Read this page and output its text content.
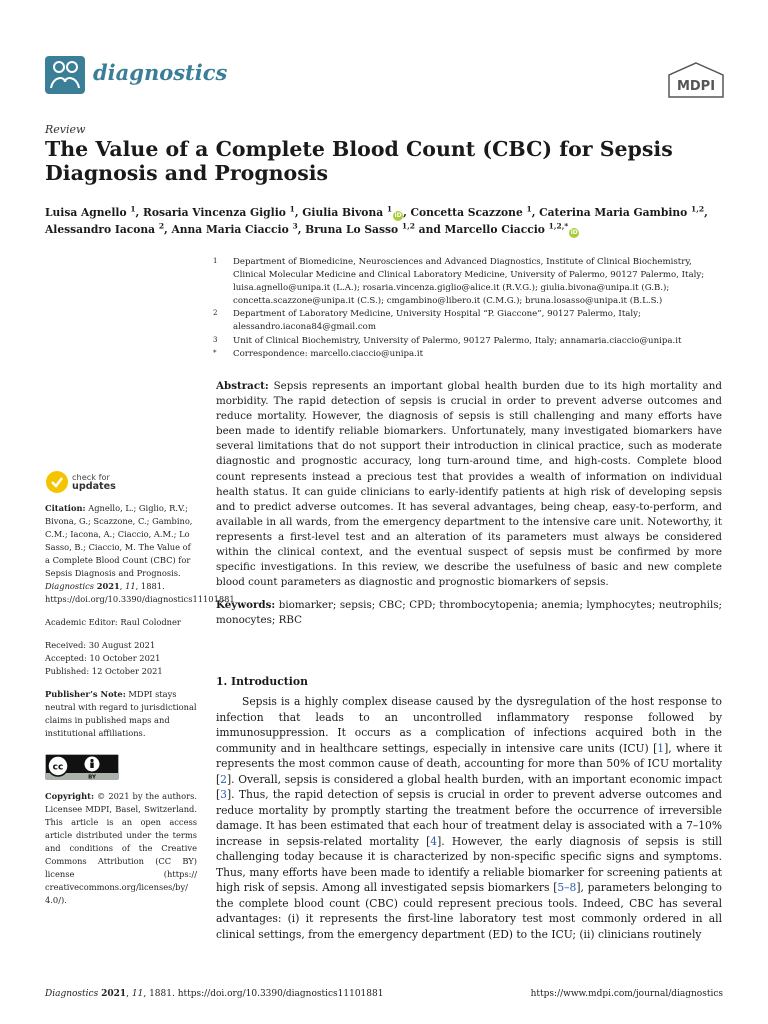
diagnostics
MDPI
Review
The Value of a Complete Blood Count (CBC) for Sepsis Diagnosis and Prognosis
Luisa Agnello $^1$, Rosaria Vincenza Giglio $^1$, Giulia Bivona $^1$iD, Concetta Scazzone $^1$, Caterina Maria Gambino $^{1,2}$,
Alessandro Iacona $^2$, Anna Maria Ciaccio $^3$, Bruna Lo Sasso $^{1,2}$ and Marcello Ciaccio $^{1,2,*}$iD
1 Department of Biomedicine, Neurosciences and Advanced Diagnostics, Institute of Clinical Biochemistry, Clinical Molecular Medicine and Clinical Laboratory Medicine, University of Palermo, 90127 Palermo, Italy; luisa.agnello@unipa.it (L.A.); rosaria.vincenza.giglio@alice.it (R.V.G.); giulia.bivona@unipa.it (G.B.); concetta.scazzone@unipa.it (C.S.); cmgambino@libero.it (C.M.G.); bruna.losasso@unipa.it (B.L.S.)
2 Department of Laboratory Medicine, University Hospital “P. Giaccone”, 90127 Palermo, Italy; alessandro.iacona84@gmail.com
3 Unit of Clinical Biochemistry, University of Palermo, 90127 Palermo, Italy; annamaria.ciaccio@unipa.it
* Correspondence: marcello.ciaccio@unipa.it
Abstract: Sepsis represents an important global health burden due to its high mortality and morbidity. The rapid detection of sepsis is crucial in order to prevent adverse outcomes and reduce mortality. However, the diagnosis of sepsis is still challenging and many efforts have been made to identify reliable biomarkers. Unfortunately, many investigated biomarkers have several limitations that do not support their introduction in clinical practice, such as moderate diagnostic and prognostic accuracy, long turn-around time, and high-costs. Complete blood count represents instead a precious test that provides a wealth of information on individual health status. It can guide clinicians to early-identify patients at high risk of developing sepsis and to predict adverse outcomes. It has several advantages, being cheap, easy-to-perform, and available in all wards, from the emergency department to the intensive care unit. Noteworthy, it represents a first-level test and an alteration of its parameters must always be considered within the clinical context, and the eventual suspect of sepsis must be confirmed by more specific investigations. In this review, we describe the usefulness of basic and new complete blood count parameters as diagnostic and prognostic biomarkers of sepsis.
Keywords: biomarker; sepsis; CBC; CPD; thrombocytopenia; anemia; lymphocytes; neutrophils; monocytes; RBC
check for
updates
Citation: Agnello, L.; Giglio, R.V.; Bivona, G.; Scazzone, C.; Gambino, C.M.; Iacona, A.; Ciaccio, A.M.; Lo Sasso, B.; Ciaccio, M. The Value of a Complete Blood Count (CBC) for Sepsis Diagnosis and Prognosis. Diagnostics 2021, 11, 1881. https://doi.org/10.3390/diagnostics11101881
Academic Editor: Raul Colodner
Received: 30 August 2021
Accepted: 10 October 2021
Published: 12 October 2021
Publisher’s Note: MDPI stays neutral with regard to jurisdictional claims in published maps and institutional affiliations.
cc
BY
Copyright: © 2021 by the authors. Licensee MDPI, Basel, Switzerland. This article is an open access article distributed under the terms and conditions of the Creative Commons Attribution (CC BY) license (https:// creativecommons.org/licenses/by/ 4.0/).
1. Introduction

Sepsis is a highly complex disease caused by the dysregulation of the host response to infection that leads to an uncontrolled inflammatory response followed by immunosuppression. It occurs as a complication of infections acquired both in the community and in healthcare settings, especially in intensive care units (ICU) [1], where it represents the most common cause of death, accounting for more than 50% of ICU mortality [2]. Overall, sepsis is considered a global health burden, with an important economic impact [3]. Thus, the rapid detection of sepsis is crucial in order to prevent adverse outcomes and reduce mortality by promptly starting the treatment before the occurrence of irreversible damage. It has been estimated that each hour of treatment delay is associated with a 7–10% increase in sepsis-related mortality [4]. However, the early diagnosis of sepsis is still challenging today because it is characterized by non-specific specific signs and symptoms. Thus, many efforts have been made to identify a reliable biomarker for screening patients at high risk of sepsis. Among all investigated sepsis biomarkers [5–8], parameters belonging to the complete blood count (CBC) could represent precious tools. Indeed, CBC has several advantages: (i) it represents the first-line laboratory test most commonly ordered in all clinical settings, from the emergency department (ED) to the ICU; (ii) clinicians routinely

Diagnostics 2021, 11, 1881. https://doi.org/10.3390/diagnostics11101881	https://www.mdpi.com/journal/diagnostics
